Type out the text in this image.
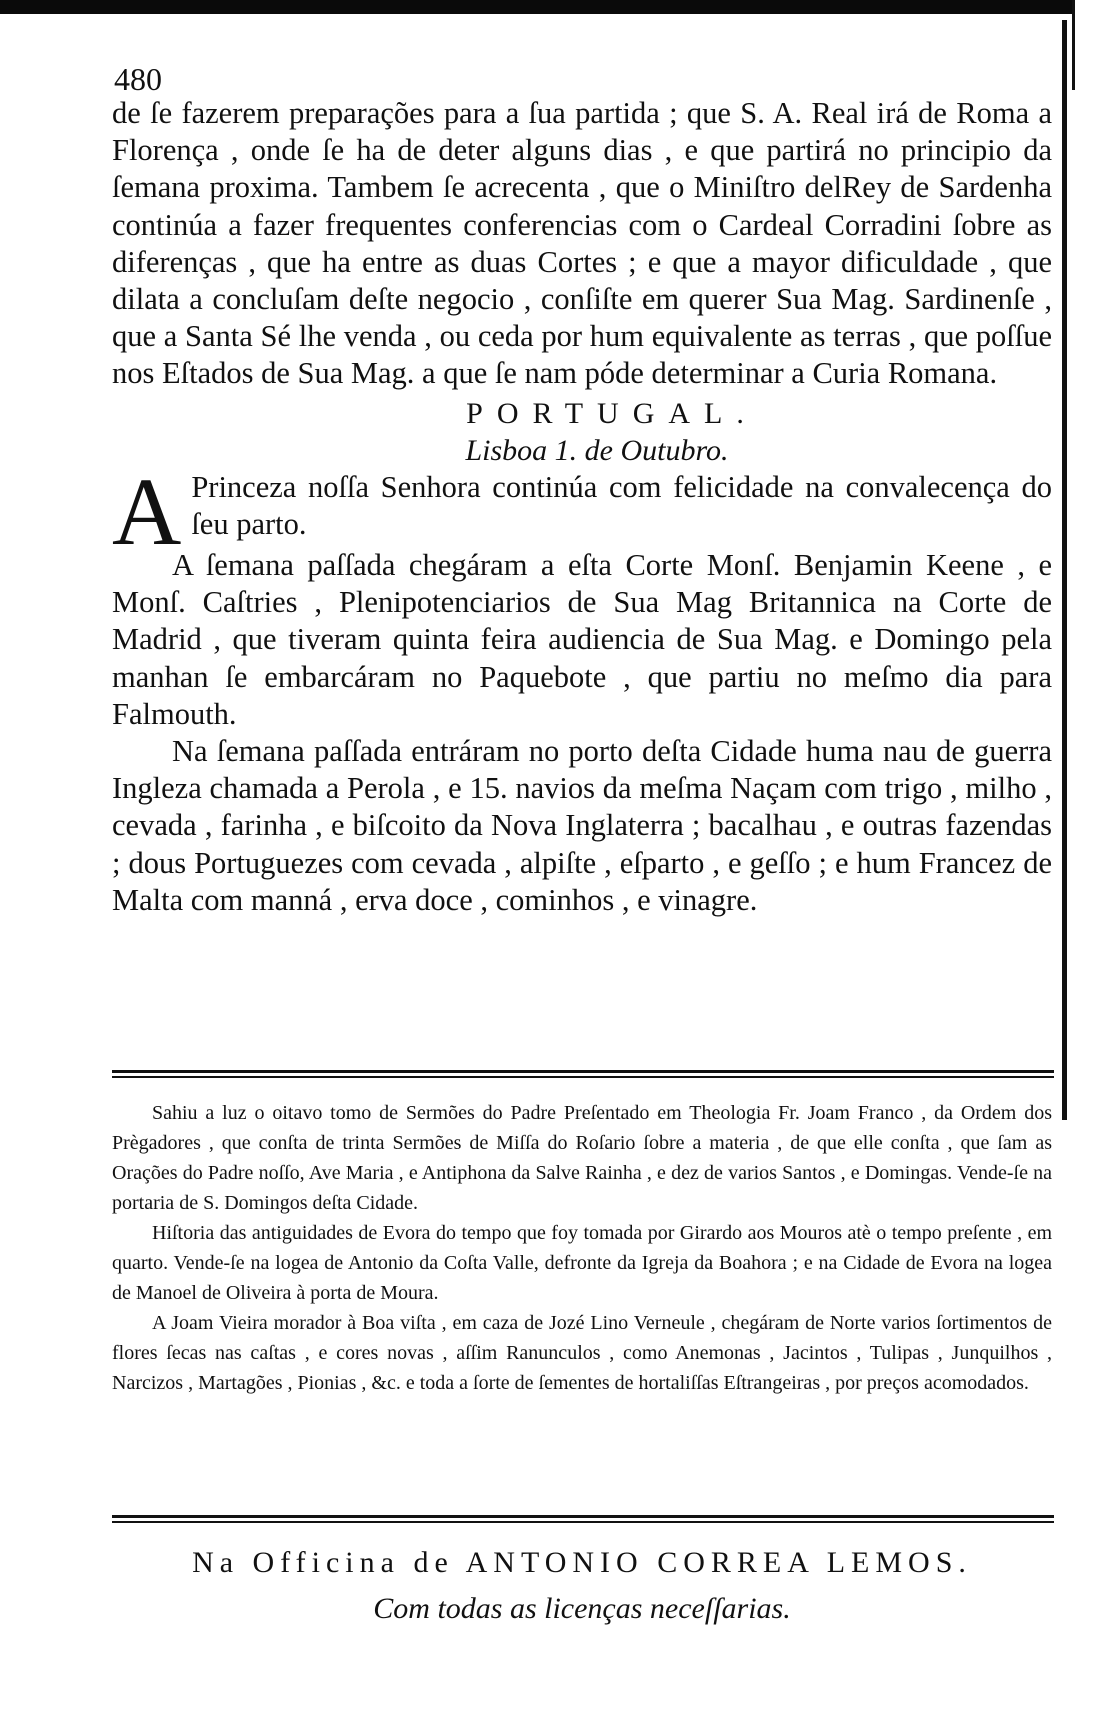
480

de ſe fazerem preparações para a ſua partida ; que S. A. Real irá de Roma a Florença , onde ſe ha de deter alguns dias , e que partirá no principio da ſemana proxima. Tambem ſe acrecenta , que o Miniſtro delRey de Sardenha continúa a fazer frequentes conferencias com o Cardeal Corradini ſobre as diferenças , que ha entre as duas Cortes ; e que a mayor dificuldade , que dilata a concluſam deſte negocio , conſiſte em querer Sua Mag. Sardinenſe , que a Santa Sé lhe venda , ou ceda por hum equivalente as terras , que poſſue nos Eſtados de Sua Mag. a que ſe nam póde determinar a Curia Romana.

PORTUGAL.
Lisboa 1. de Outubro.
A Princeza noſſa Senhora continúa com felicidade na convalecença do ſeu parto.

A ſemana paſſada chegáram a eſta Corte Monſ. Benjamin Keene , e Monſ. Caſtries , Plenipotenciarios de Sua Mag Britannica na Corte de Madrid , que tiveram quinta feira audiencia de Sua Mag. e Domingo pela manhan ſe embarcáram no Paquebote , que partiu no meſmo dia para Falmouth.

Na ſemana paſſada entráram no porto deſta Cidade huma nau de guerra Ingleza chamada a Perola , e 15. navios da meſma Naçam com trigo , milho , cevada , farinha , e biſcoito da Nova Inglaterra ; bacalhau , e outras fazendas ; dous Portuguezes com cevada , alpiſte , eſparto , e geſſo ; e hum Francez de Malta com manná , erva doce , cominhos , e vinagre.

Sahiu a luz o oitavo tomo de Sermões do Padre Preſentado em Theologia Fr. Joam Franco , da Ordem dos Prègadores , que conſta de trinta Sermões de Miſſa do Roſario ſobre a materia , de que elle conſta , que ſam as Orações do Padre noſſo, Ave Maria , e Antiphona da Salve Rainha , e dez de varios Santos , e Domingas. Vende-ſe na portaria de S. Domingos deſta Cidade.

Hiſtoria das antiguidades de Evora do tempo que foy tomada por Girardo aos Mouros atè o tempo preſente , em quarto. Vende-ſe na logea de Antonio da Coſta Valle, defronte da Igreja da Boahora ; e na Cidade de Evora na logea de Manoel de Oliveira à porta de Moura.

A Joam Vieira morador à Boa viſta , em caza de Jozé Lino Verneule , chegáram de Norte varios ſortimentos de flores ſecas nas caſtas , e cores novas , aſſim Ranunculos , como Anemonas , Jacintos , Tulipas , Junquilhos , Narcizos , Martagões , Pionias , &c. e toda a ſorte de ſementes de hortaliſſas Eſtrangeiras , por preços acomodados.

Na Officina de ANTONIO CORREA LEMOS.
Com todas as licenças neceſſarias.
